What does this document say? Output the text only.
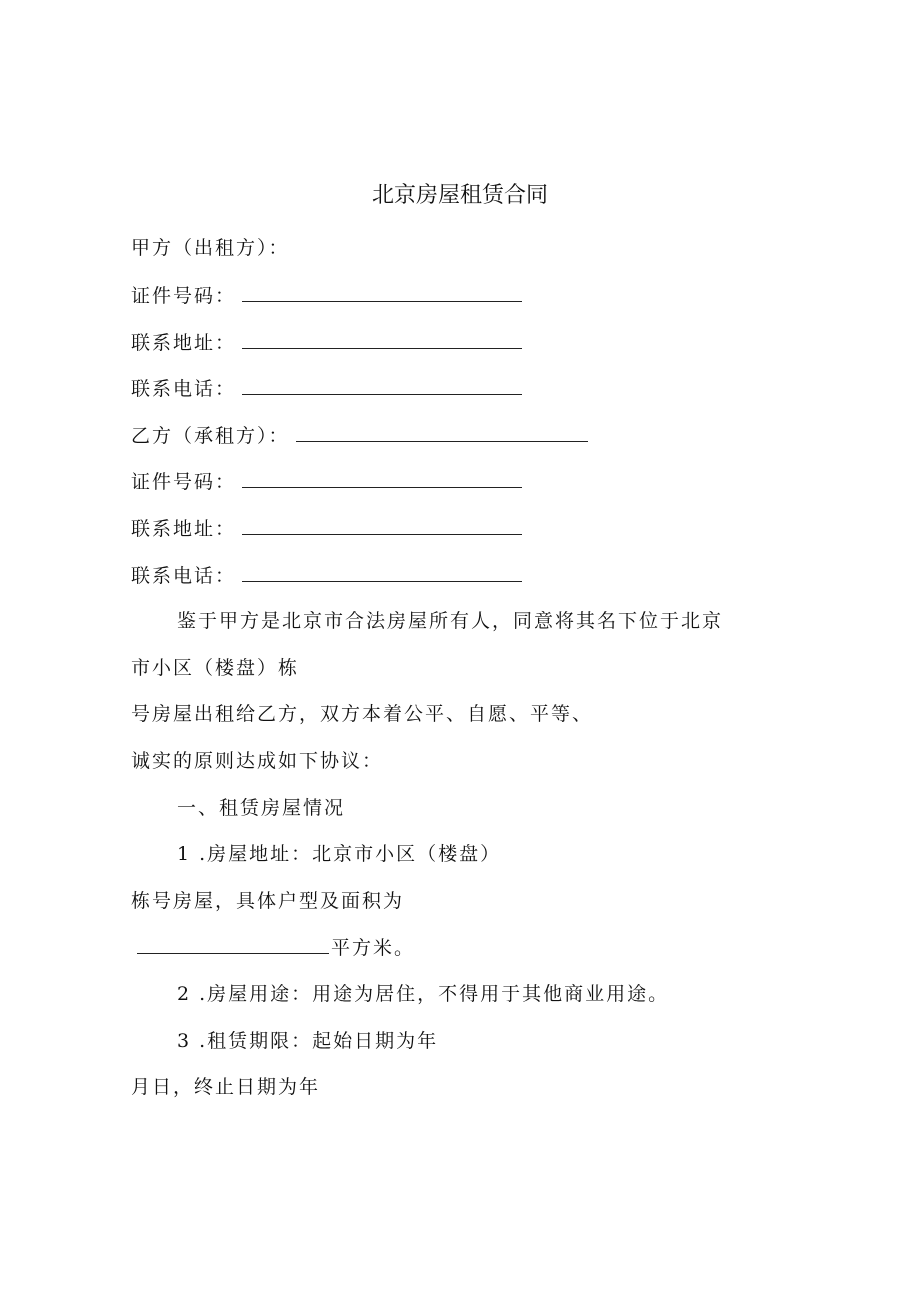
北京房屋租赁合同
甲方（出租方）：
证件号码：
联系地址：
联系电话：
乙方（承租方）：
证件号码：
联系地址：
联系电话：
鉴于甲方是北京市合法房屋所有人，同意将其名下位于北京
市小区（楼盘）栋
号房屋出租给乙方，双方本着公平、自愿、平等、
诚实的原则达成如下协议：
一、租赁房屋情况
1 .房屋地址：北京市小区（楼盘）
栋号房屋，具体户型及面积为
平方米。
2 .房屋用途：用途为居住，不得用于其他商业用途。
3 .租赁期限：起始日期为年
月日，终止日期为年
